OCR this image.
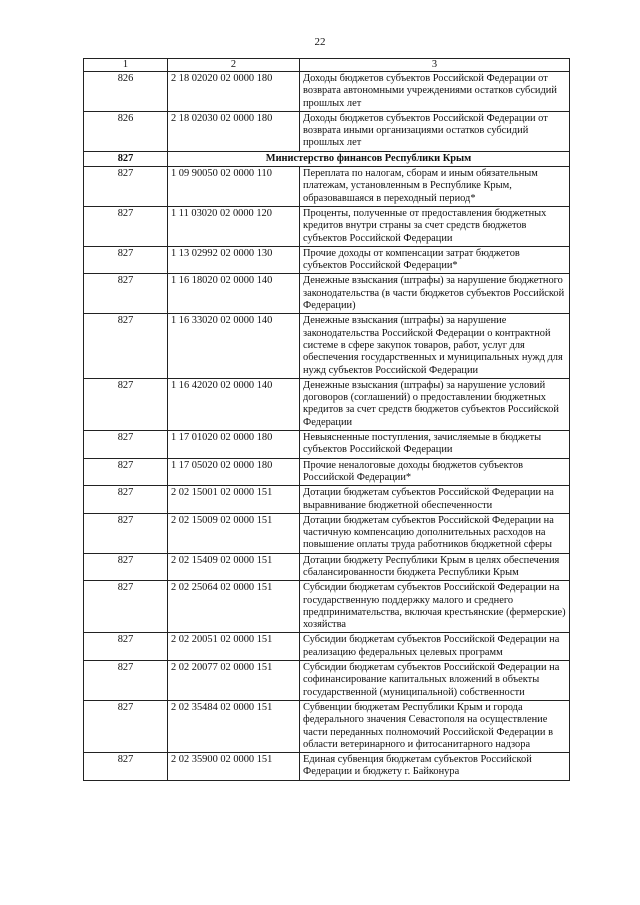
22
1	2	3
826	2 18 02020 02 0000 180	Доходы бюджетов субъектов Российской Федерации от возврата автономными учреждениями остатков субсидий прошлых лет
826	2 18 02030 02 0000 180	Доходы бюджетов субъектов Российской Федерации от возврата иными организациями остатков субсидий прошлых лет
827	Министерство финансов Республики Крым	
827	1 09 90050 02 0000 110	Переплата по налогам, сборам и иным обязательным платежам, установленным в Республике Крым, образовавшаяся в переходный период*
827	1 11 03020 02 0000 120	Проценты, полученные от предоставления бюджетных кредитов внутри страны за счет средств бюджетов субъектов Российской Федерации
827	1 13 02992 02 0000 130	Прочие доходы от компенсации затрат бюджетов субъектов Российской Федерации*
827	1 16 18020 02 0000 140	Денежные взыскания (штрафы) за нарушение бюджетного законодательства (в части бюджетов субъектов Российской Федерации)
827	1 16 33020 02 0000 140	Денежные взыскания (штрафы) за нарушение законодательства Российской Федерации о контрактной системе в сфере закупок товаров, работ, услуг для обеспечения государственных и муниципальных нужд для нужд субъектов Российской Федерации
827	1 16 42020 02 0000 140	Денежные взыскания (штрафы) за нарушение условий договоров (соглашений) о предоставлении бюджетных кредитов за счет средств бюджетов субъектов Российской Федерации
827	1 17 01020 02 0000 180	Невыясненные поступления, зачисляемые в бюджеты субъектов Российской Федерации
827	1 17 05020 02 0000 180	Прочие неналоговые доходы бюджетов субъектов Российской Федерации*
827	2 02 15001 02 0000 151	Дотации бюджетам субъектов Российской Федерации на выравнивание бюджетной обеспеченности
827	2 02 15009 02 0000 151	Дотации бюджетам субъектов Российской Федерации на частичную компенсацию дополнительных расходов на повышение оплаты труда работников бюджетной сферы
827	2 02 15409 02 0000 151	Дотации бюджету Республики Крым в целях обеспечения сбалансированности бюджета Республики Крым
827	2 02 25064 02 0000 151	Субсидии бюджетам субъектов Российской Федерации на государственную поддержку малого и среднего предпринимательства, включая крестьянские (фермерские) хозяйства
827	2 02 20051 02 0000 151	Субсидии бюджетам субъектов Российской Федерации на реализацию федеральных целевых программ
827	2 02 20077 02 0000 151	Субсидии бюджетам субъектов Российской Федерации на софинансирование капитальных вложений в объекты государственной (муниципальной) собственности
827	2 02 35484 02 0000 151	Субвенции бюджетам Республики Крым и города федерального значения Севастополя на осуществление части переданных полномочий Российской Федерации в области ветеринарного и фитосанитарного надзора
827	2 02 35900 02 0000 151	Единая субвенция бюджетам субъектов Российской Федерации и бюджету г. Байконура
